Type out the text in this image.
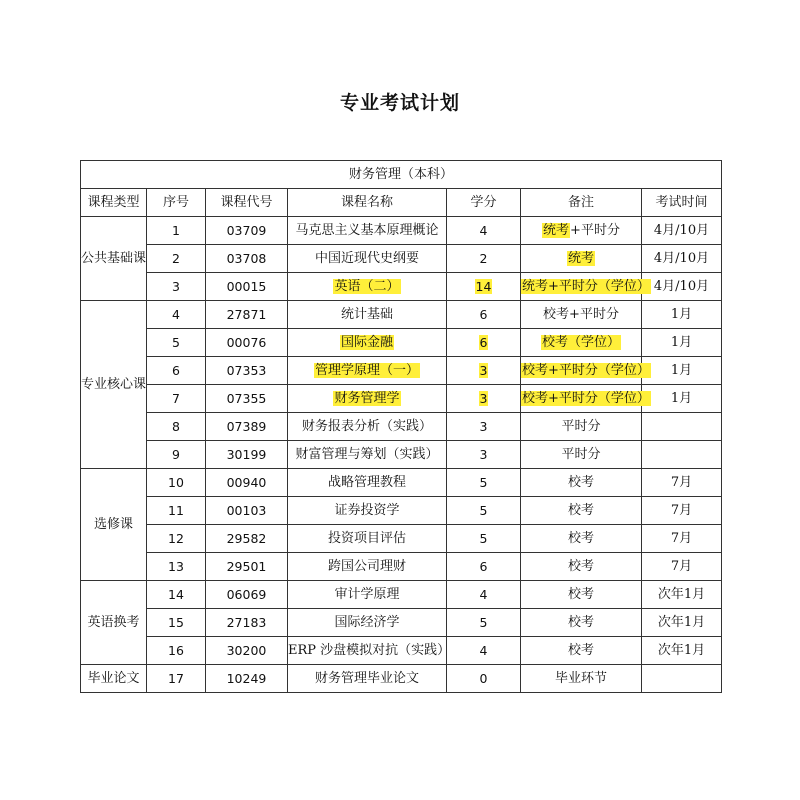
专业考试计划
财务管理（本科）						
课程类型	序号	课程代号	课程名称	学分	备注	考试时间
公共基础课	1	03709	马克思主义基本原理概论	4	统考+平时分	4月/10月
	2	03708	中国近现代史纲要	2	统考	4月/10月
	3	00015	英语（二）	14	统考+平时分（学位）	4月/10月
专业核心课	4	27871	统计基础	6	校考+平时分	1月
	5	00076	国际金融	6	校考（学位）	1月
	6	07353	管理学原理（一）	3	校考+平时分（学位）	1月
	7	07355	财务管理学	3	校考+平时分（学位）	1月
	8	07389	财务报表分析（实践）	3	平时分	
	9	30199	财富管理与筹划（实践）	3	平时分	
选修课	10	00940	战略管理教程	5	校考	7月
	11	00103	证券投资学	5	校考	7月
	12	29582	投资项目评估	5	校考	7月
	13	29501	跨国公司理财	6	校考	7月
英语换考	14	06069	审计学原理	4	校考	次年1月
	15	27183	国际经济学	5	校考	次年1月
	16	30200	ERP 沙盘模拟对抗（实践）	4	校考	次年1月
毕业论文	17	10249	财务管理毕业论文	0	毕业环节	
